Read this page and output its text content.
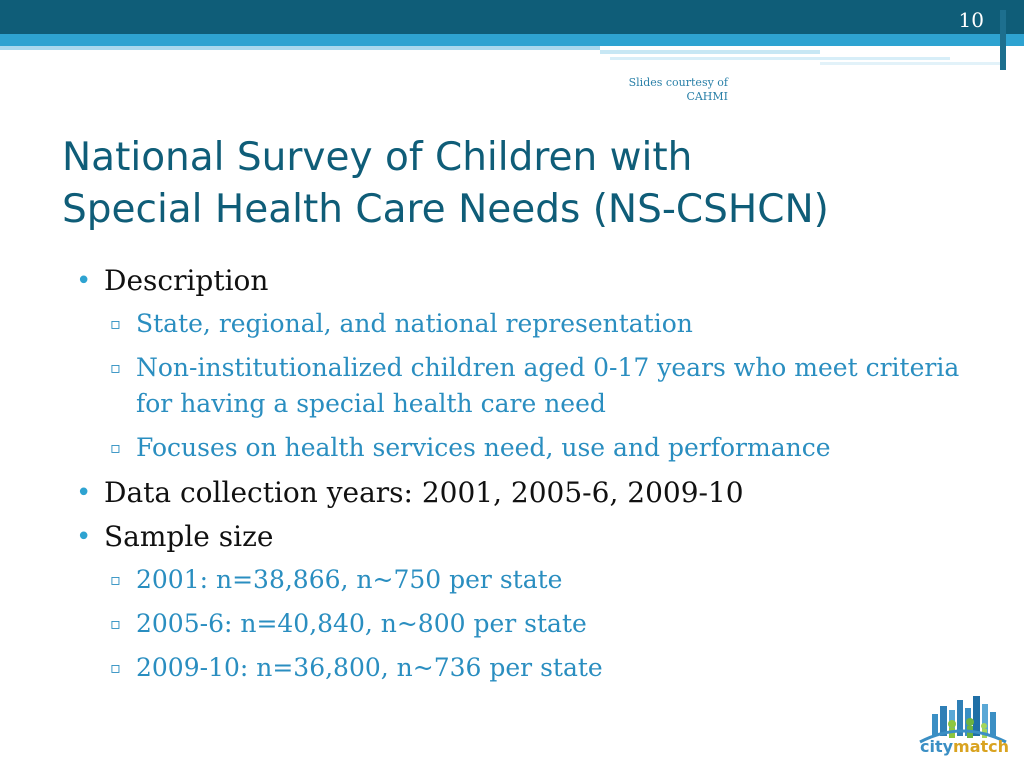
10
Slides courtesy of
CAHMI
National Survey of Children with
Special Health Care Needs (NS-CSHCN)
• Description
▫ State, regional, and national representation
▫ Non-institutionalized children aged 0-17 years who meet criteria for having a special health care need
▫ Focuses on health services need, use and performance
• Data collection years: 2001, 2005-6, 2009-10
• Sample size
▫ 2001: n=38,866, n~750 per state
▫ 2005-6: n=40,840, n~800 per state
▫ 2009-10: n=36,800, n~736 per state
citymatch
